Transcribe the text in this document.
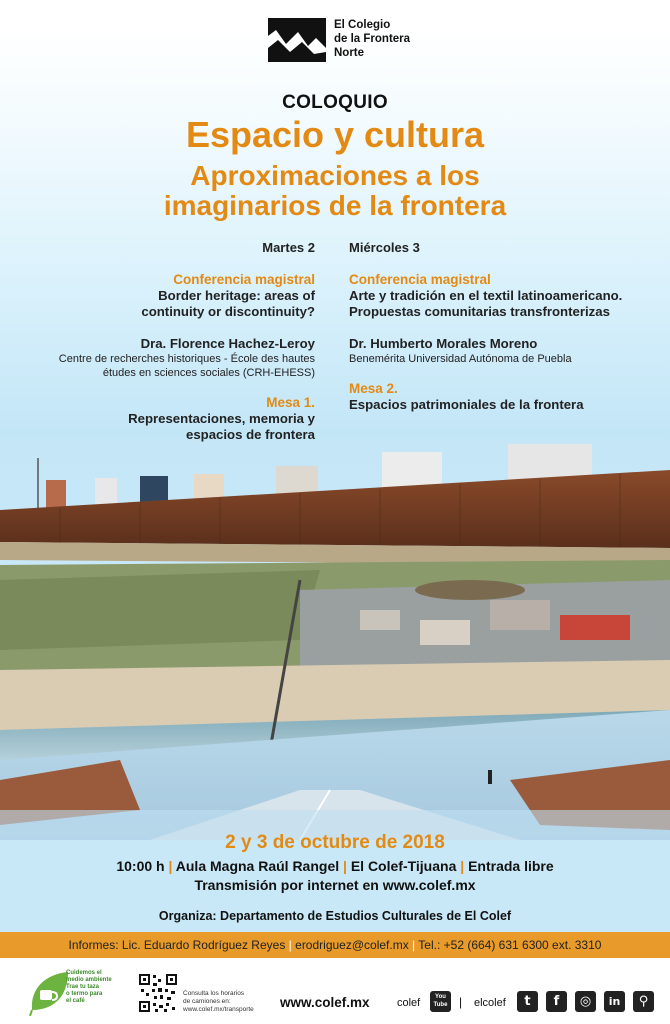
El Colegio
de la Frontera
Norte
COLOQUIO
Espacio y cultura
Aproximaciones a los
imaginarios de la frontera
Martes 2
Conferencia magistral
Border heritage: areas of
continuity or discontinuity?
Dra. Florence Hachez-Leroy
Centre de recherches historiques - École des hautes
études en sciences sociales (CRH-EHESS)
Mesa 1.
Representaciones, memoria y
espacios de frontera
Miércoles 3
Conferencia magistral
Arte y tradición en el textil latinoamericano.
Propuestas comunitarias transfronterizas
Dr. Humberto Morales Moreno
Benemérita Universidad Autónoma de Puebla
Mesa 2.
Espacios patrimoniales de la frontera
2 y 3 de octubre de 2018
10:00 h | Aula Magna Raúl Rangel | El Colef-Tijuana | Entrada libre
Transmisión por internet en www.colef.mx
Organiza: Departamento de Estudios Culturales de El Colef
Informes: Lic. Eduardo Rodríguez Reyes | erodriguez@colef.mx | Tel.: +52 (664) 631 6300 ext. 3310
Cuidemos el
medio ambiente
Trae tu taza
o termo para
el café
Consulta los horarios
de camiones en:
www.colef.mx/transporte	www.colef.mx colef	You
Tube | elcolef	t	f	◎	in	⚲
